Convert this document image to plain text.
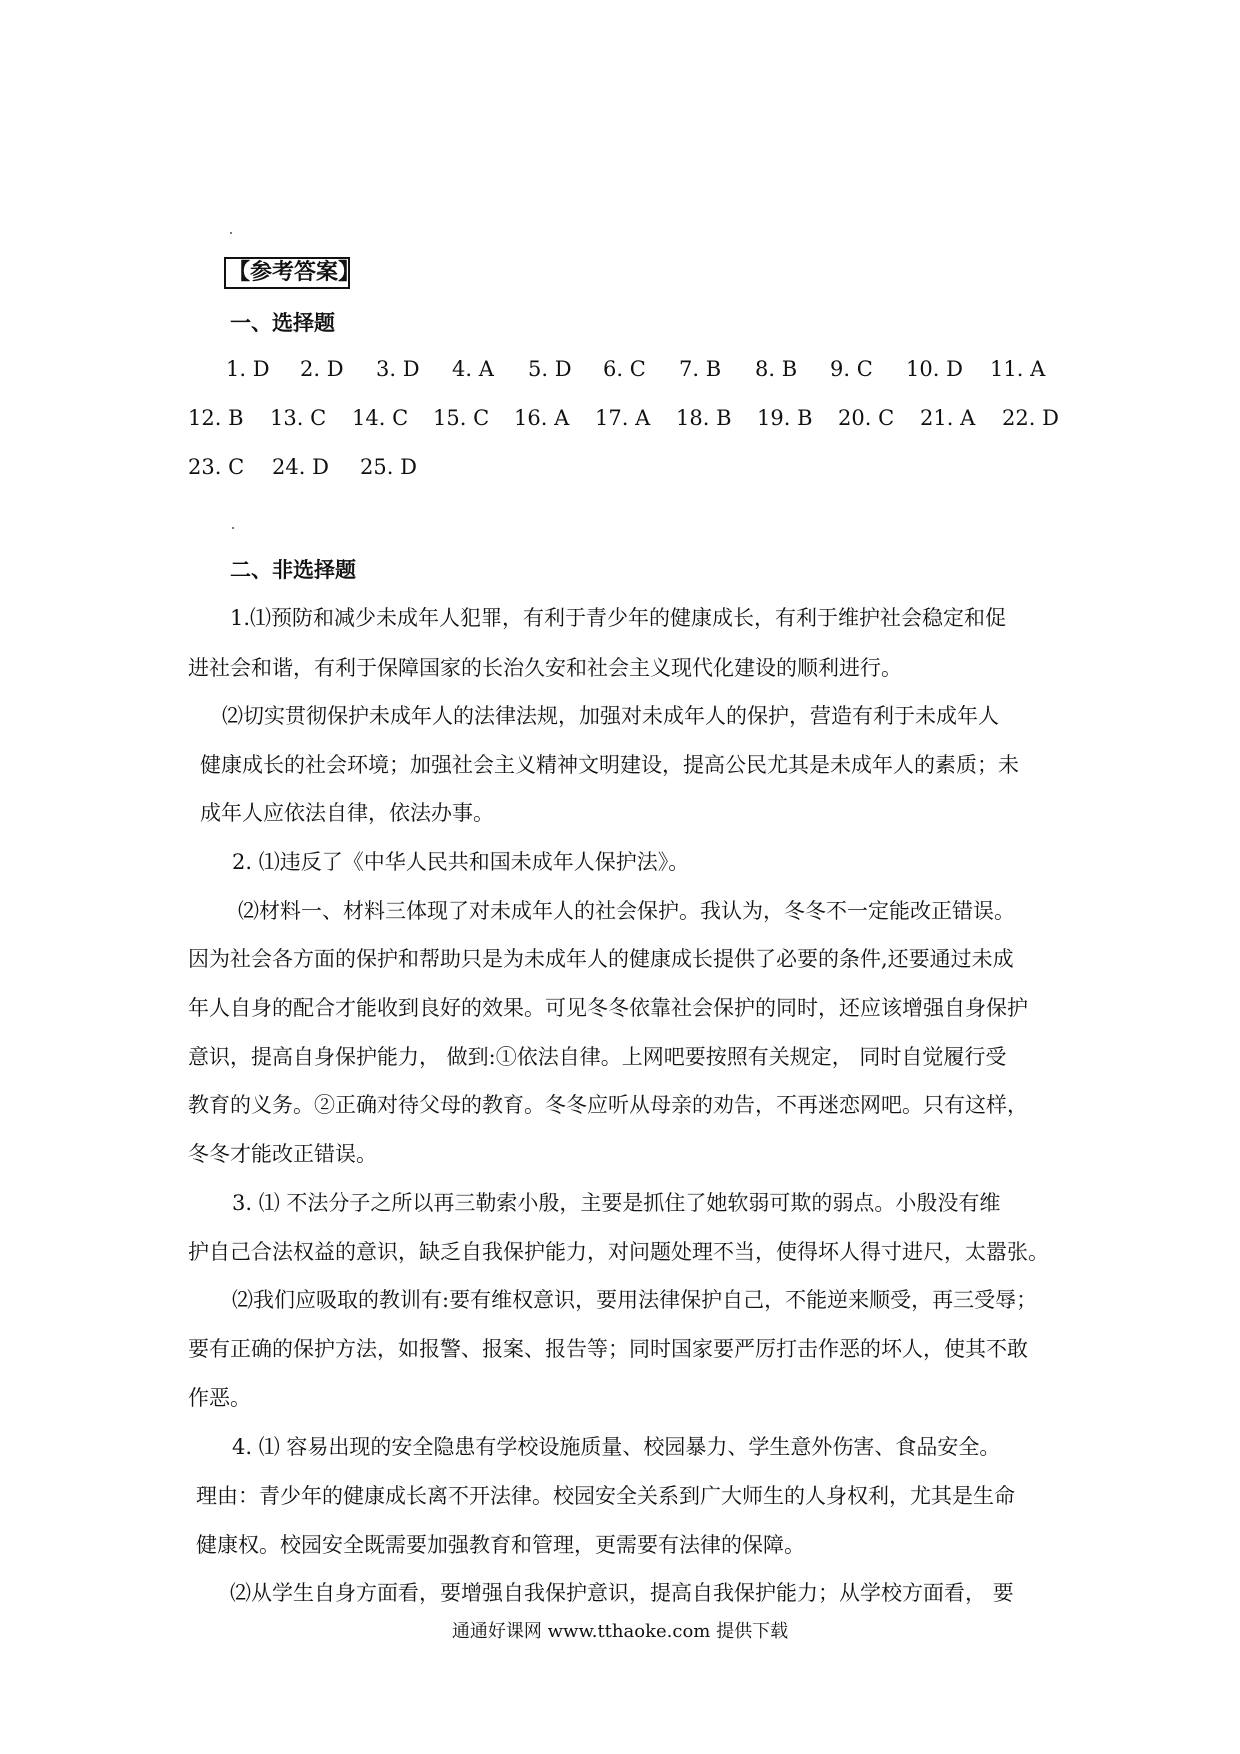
【参考答案】
一、选择题
1. D 2. D 3. D 4. A 5. D 6. C 7. B 8. B 9. C 10. D 11. A
12. B 13. C 14. C 15. C 16. A 17. A 18. B 19. B 20. C 21. A 22. D
23. C 24. D 25. D
二、非选择题
1.⑴预防和减少未成年人犯罪，有利于青少年的健康成长，有利于维护社会稳定和促
进社会和谐，有利于保障国家的长治久安和社会主义现代化建设的顺利进行。
⑵切实贯彻保护未成年人的法律法规，加强对未成年人的保护，营造有利于未成年人
健康成长的社会环境；加强社会主义精神文明建设，提高公民尤其是未成年人的素质；未
成年人应依法自律，依法办事。
2. ⑴违反了《中华人民共和国未成年人保护法》。
⑵材料一、材料三体现了对未成年人的社会保护。我认为，冬冬不一定能改正错误。
因为社会各方面的保护和帮助只是为未成年人的健康成长提供了必要的条件,还要通过未成
年人自身的配合才能收到良好的效果。可见冬冬依靠社会保护的同时，还应该增强自身保护
意识，提高自身保护能力， 做到:①依法自律。上网吧要按照有关规定， 同时自觉履行受
教育的义务。②正确对待父母的教育。冬冬应听从母亲的劝告，不再迷恋网吧。只有这样，
冬冬才能改正错误。
3. ⑴ 不法分子之所以再三勒索小殷，主要是抓住了她软弱可欺的弱点。小殷没有维
护自己合法权益的意识，缺乏自我保护能力，对问题处理不当，使得坏人得寸进尺，太嚣张。
⑵我们应吸取的教训有:要有维权意识，要用法律保护自己，不能逆来顺受，再三受辱；
要有正确的保护方法，如报警、报案、报告等；同时国家要严厉打击作恶的坏人，使其不敢
作恶。
4. ⑴ 容易出现的安全隐患有学校设施质量、校园暴力、学生意外伤害、食品安全。
理由：青少年的健康成长离不开法律。校园安全关系到广大师生的人身权利，尤其是生命
健康权。校园安全既需要加强教育和管理，更需要有法律的保障。
⑵从学生自身方面看，要增强自我保护意识，提高自我保护能力；从学校方面看， 要
通通好课网 www.tthaoke.com 提供下载
